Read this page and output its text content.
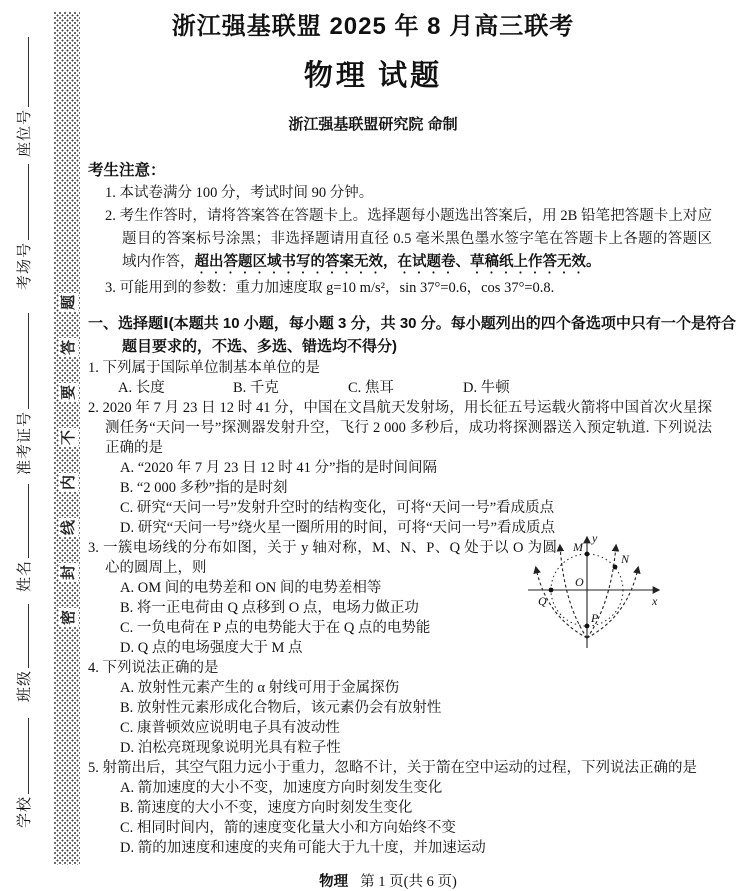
密封线内不要答题
座位号
考场号
准考证号
姓名
班级
学校
浙江强基联盟 2025 年 8 月高三联考
物理 试题
浙江强基联盟研究院 命制
考生注意：
1. 本试卷满分 100 分，考试时间 90 分钟。
2. 考生作答时，请将答案答在答题卡上。选择题每小题选出答案后，用 2B 铅笔把答题卡上对应题目的答案标号涂黑；非选择题请用直径 0.5 毫米黑色墨水签字笔在答题卡上各题的答题区域内作答，超出答题区域书写的答案无效，在试题卷、草稿纸上作答无效。
3. 可能用到的参数：重力加速度取 g=10 m/s²，sin 37°=0.6，cos 37°=0.8.
一、选择题Ⅰ(本题共 10 小题，每小题 3 分，共 30 分。每小题列出的四个备选项中只有一个是符合题目要求的，不选、多选、错选均不得分)
1. 下列属于国际单位制基本单位的是
A. 长度	B. 千克	C. 焦耳	D. 牛顿
2. 2020 年 7 月 23 日 12 时 41 分，中国在文昌航天发射场，用长征五号运载火箭将中国首次火星探测任务“天问一号”探测器发射升空，飞行 2 000 多秒后，成功将探测器送入预定轨道. 下列说法正确的是
A. “2020 年 7 月 23 日 12 时 41 分”指的是时间间隔
B. “2 000 多秒”指的是时刻
C. 研究“天问一号”发射升空时的结构变化，可将“天问一号”看成质点
D. 研究“天问一号”绕火星一圈所用的时间，可将“天问一号”看成质点
3. 一簇电场线的分布如图，关于 y 轴对称，M、N、P、Q 处于以 O 为圆心的圆周上，则
A. OM 间的电势差和 ON 间的电势差相等
B. 将一正电荷由 Q 点移到 O 点，电场力做正功
C. 一负电荷在 P 点的电势能大于在 Q 点的电势能
D. Q 点的电场强度大于 M 点
M
N
O
Q
P
x
y
4. 下列说法正确的是
A. 放射性元素产生的 α 射线可用于金属探伤
B. 放射性元素形成化合物后，该元素仍会有放射性
C. 康普顿效应说明电子具有波动性
D. 泊松亮斑现象说明光具有粒子性
5. 射箭出后，其空气阻力远小于重力，忽略不计，关于箭在空中运动的过程，下列说法正确的是
A. 箭加速度的大小不变，加速度方向时刻发生变化
B. 箭速度的大小不变，速度方向时刻发生变化
C. 相同时间内，箭的速度变化量大小和方向始终不变
D. 箭的加速度和速度的夹角可能大于九十度，并加速运动
物理 第 1 页(共 6 页)
